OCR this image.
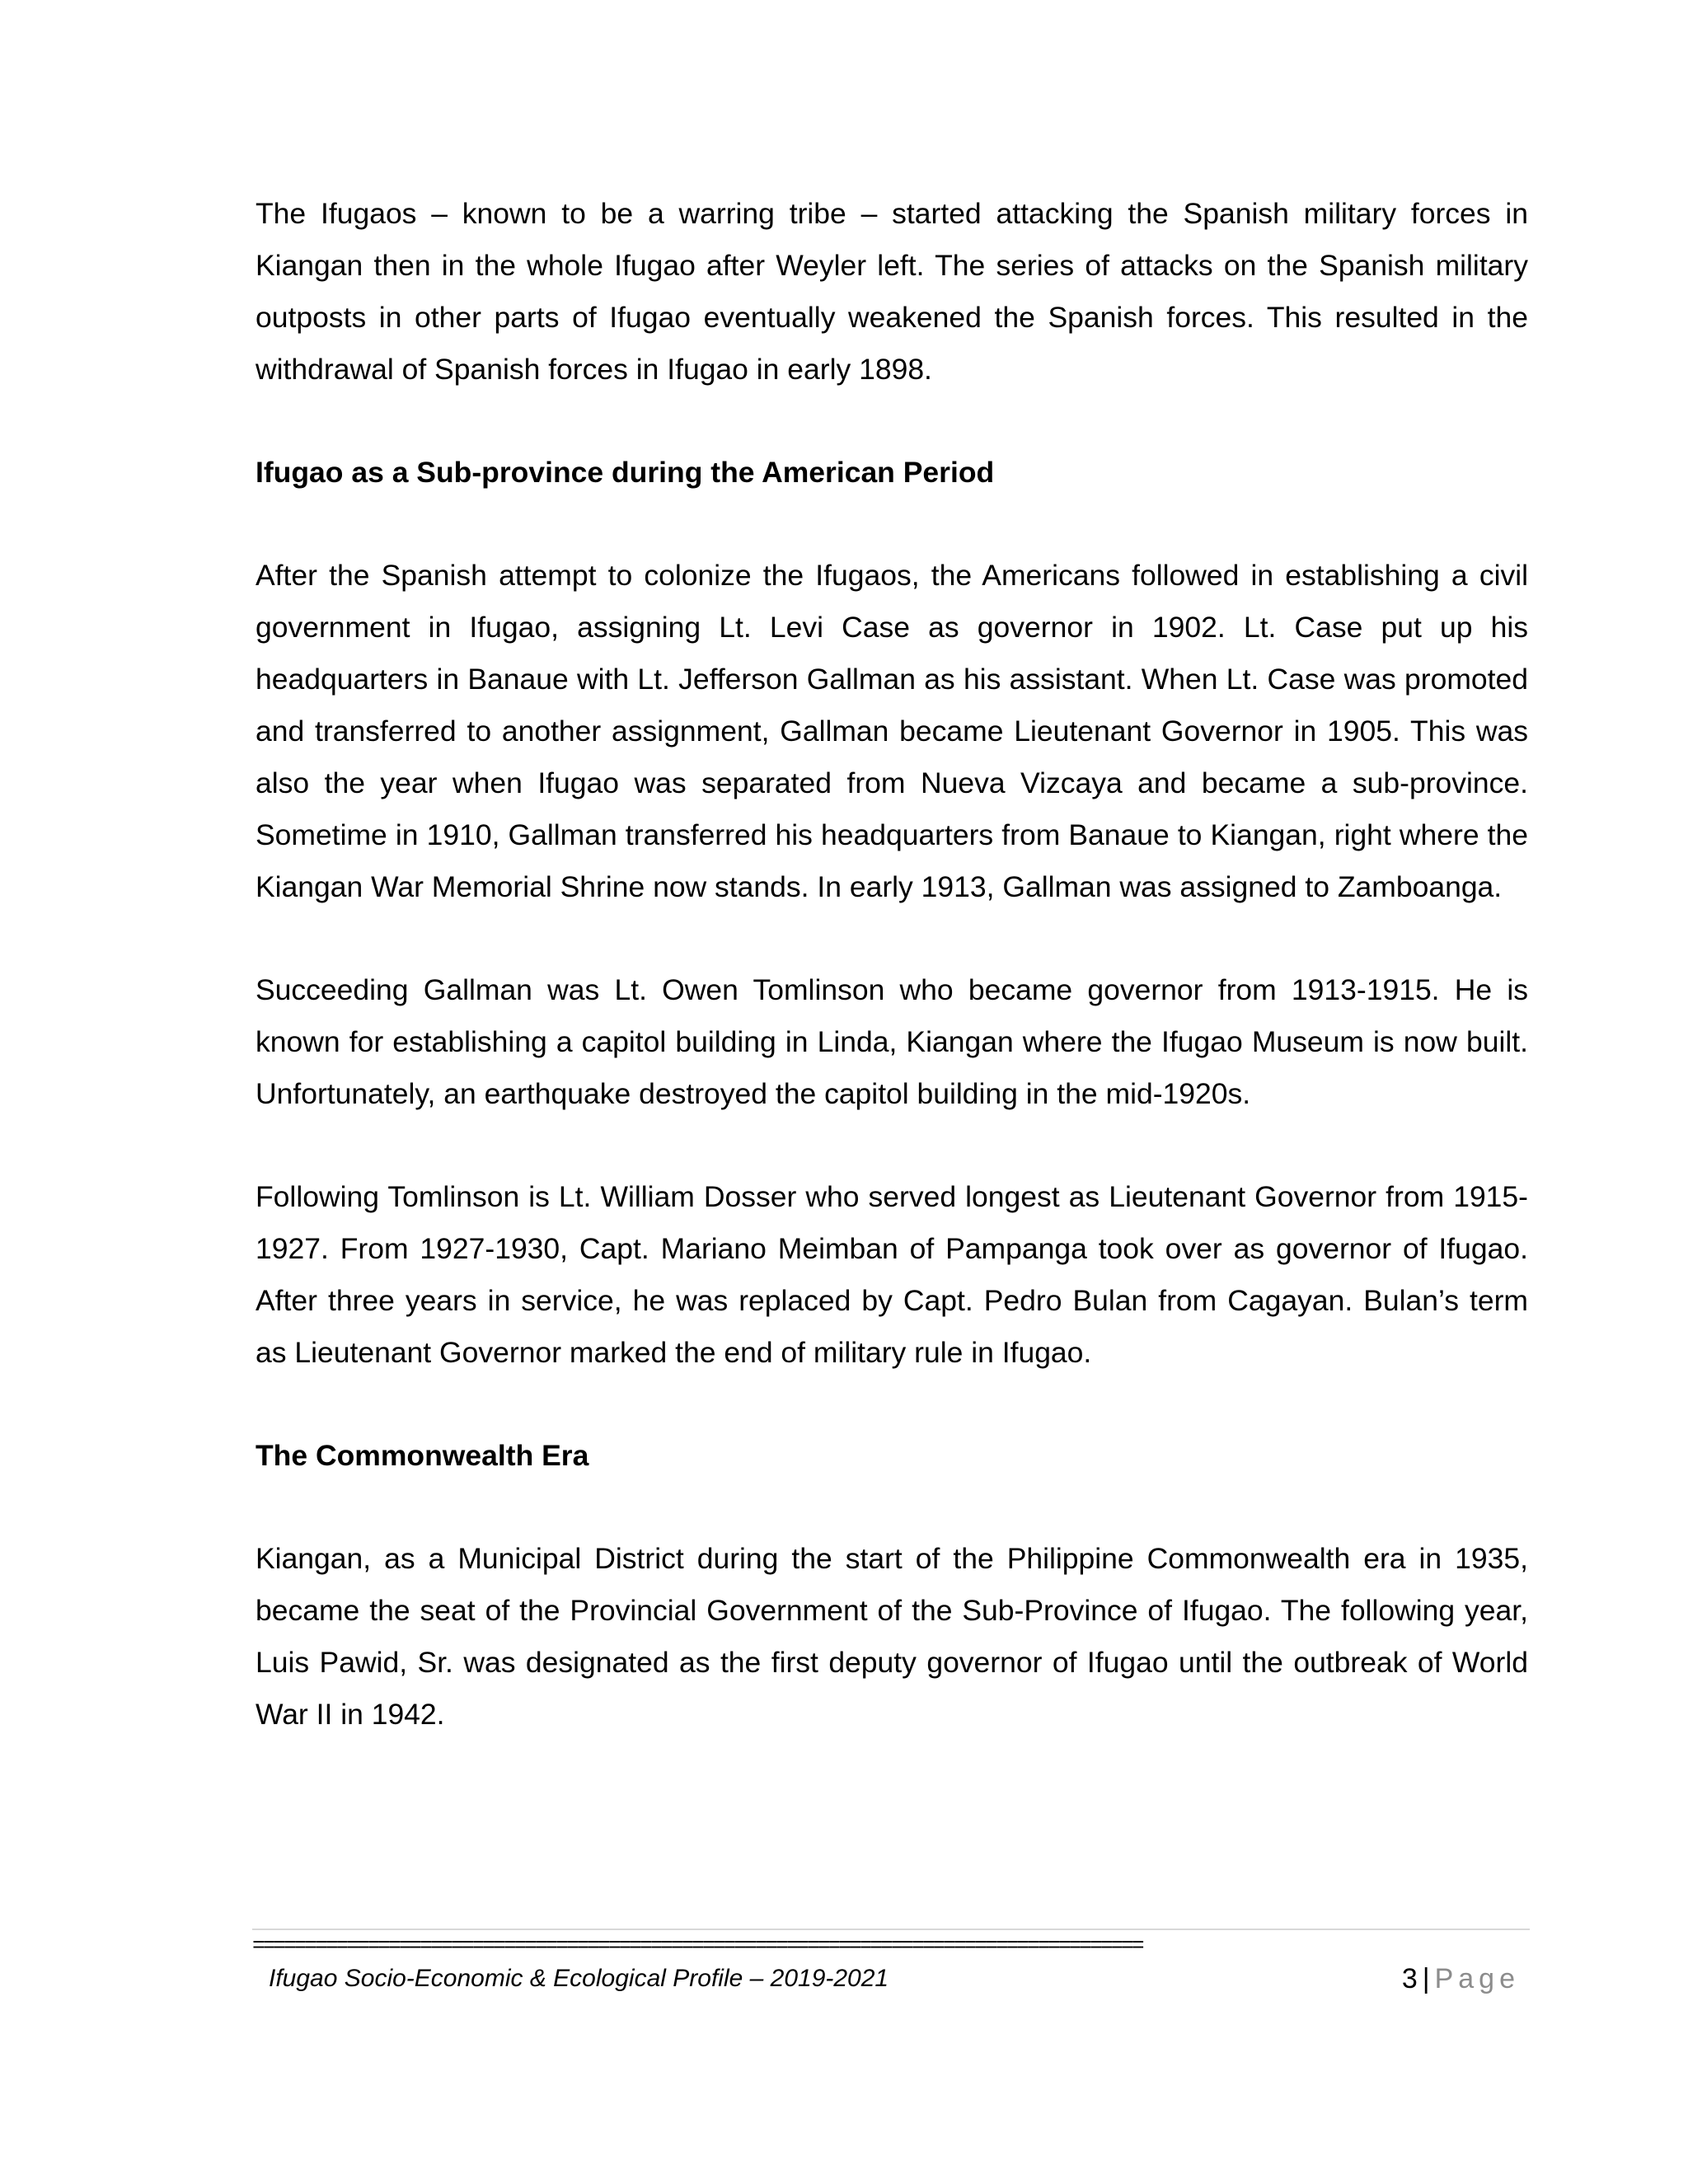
The Ifugaos – known to be a warring tribe – started attacking the Spanish military forces in Kiangan then in the whole Ifugao after Weyler left. The series of attacks on the Spanish military outposts in other parts of Ifugao eventually weakened the Spanish forces. This resulted in the withdrawal of Spanish forces in Ifugao in early 1898.

Ifugao as a Sub-province during the American Period

After the Spanish attempt to colonize the Ifugaos, the Americans followed in establishing a civil government in Ifugao, assigning Lt. Levi Case as governor in 1902. Lt. Case put up his headquarters in Banaue with Lt. Jefferson Gallman as his assistant. When Lt. Case was promoted and transferred to another assignment, Gallman became Lieutenant Governor in 1905. This was also the year when Ifugao was separated from Nueva Vizcaya and became a sub-province. Sometime in 1910, Gallman transferred his headquarters from Banaue to Kiangan, right where the Kiangan War Memorial Shrine now stands. In early 1913, Gallman was assigned to Zamboanga.

Succeeding Gallman was Lt. Owen Tomlinson who became governor from 1913-1915. He is known for establishing a capitol building in Linda, Kiangan where the Ifugao Museum is now built. Unfortunately, an earthquake destroyed the capitol building in the mid-1920s.

Following Tomlinson is Lt. William Dosser who served longest as Lieutenant Governor from 1915-1927. From 1927-1930, Capt. Mariano Meimban of Pampanga took over as governor of Ifugao. After three years in service, he was replaced by Capt. Pedro Bulan from Cagayan. Bulan’s term as Lieutenant Governor marked the end of military rule in Ifugao.

The Commonwealth Era

Kiangan, as a Municipal District during the start of the Philippine Commonwealth era in 1935, became the seat of the Provincial Government of the Sub-Province of Ifugao. The following year, Luis Pawid, Sr. was designated as the first deputy governor of Ifugao until the outbreak of World War II in 1942.

=====================================================================================
Ifugao Socio-Economic & Ecological Profile – 2019-2021	3 | Page
